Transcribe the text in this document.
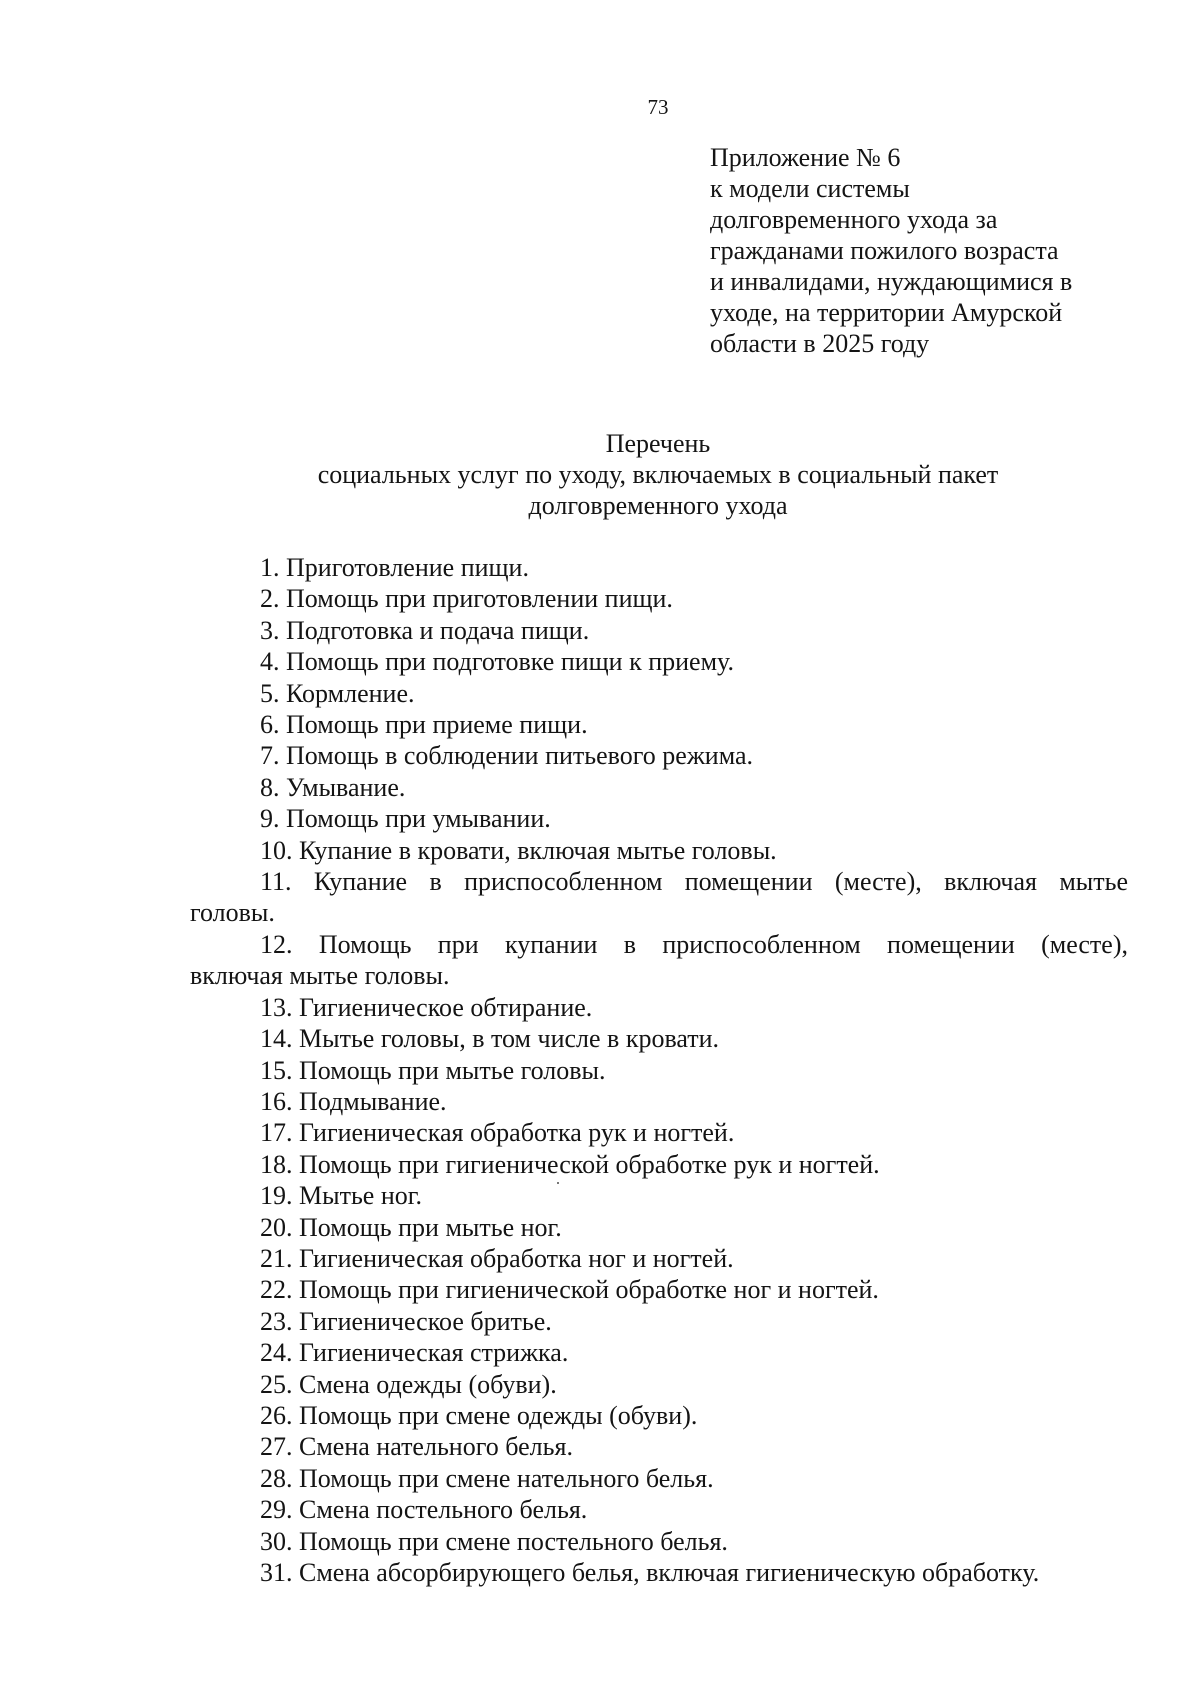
73
Приложение № 6
к модели системы
долговременного ухода за
гражданами пожилого возраста
и инвалидами, нуждающимися в
уходе, на территории Амурской
области в 2025 году
Перечень
социальных услуг по уходу, включаемых в социальный пакет
долговременного ухода
1. Приготовление пищи.
2. Помощь при приготовлении пищи.
3. Подготовка и подача пищи.
4. Помощь при подготовке пищи к приему.
5. Кормление.
6. Помощь при приеме пищи.
7. Помощь в соблюдении питьевого режима.
8. Умывание.
9. Помощь при умывании.
10. Купание в кровати, включая мытье головы.
11. Купание в приспособленном помещении (месте), включая мытье
головы.
12. Помощь при купании в приспособленном помещении (месте),
включая мытье головы.
13. Гигиеническое обтирание.
14. Мытье головы, в том числе в кровати.
15. Помощь при мытье головы.
16. Подмывание.
17. Гигиеническая обработка рук и ногтей.
18. Помощь при гигиенической обработке рук и ногтей.
19. Мытье ног.
20. Помощь при мытье ног.
21. Гигиеническая обработка ног и ногтей.
22. Помощь при гигиенической обработке ног и ногтей.
23. Гигиеническое бритье.
24. Гигиеническая стрижка.
25. Смена одежды (обуви).
26. Помощь при смене одежды (обуви).
27. Смена нательного белья.
28. Помощь при смене нательного белья.
29. Смена постельного белья.
30. Помощь при смене постельного белья.
31. Смена абсорбирующего белья, включая гигиеническую обработку.
